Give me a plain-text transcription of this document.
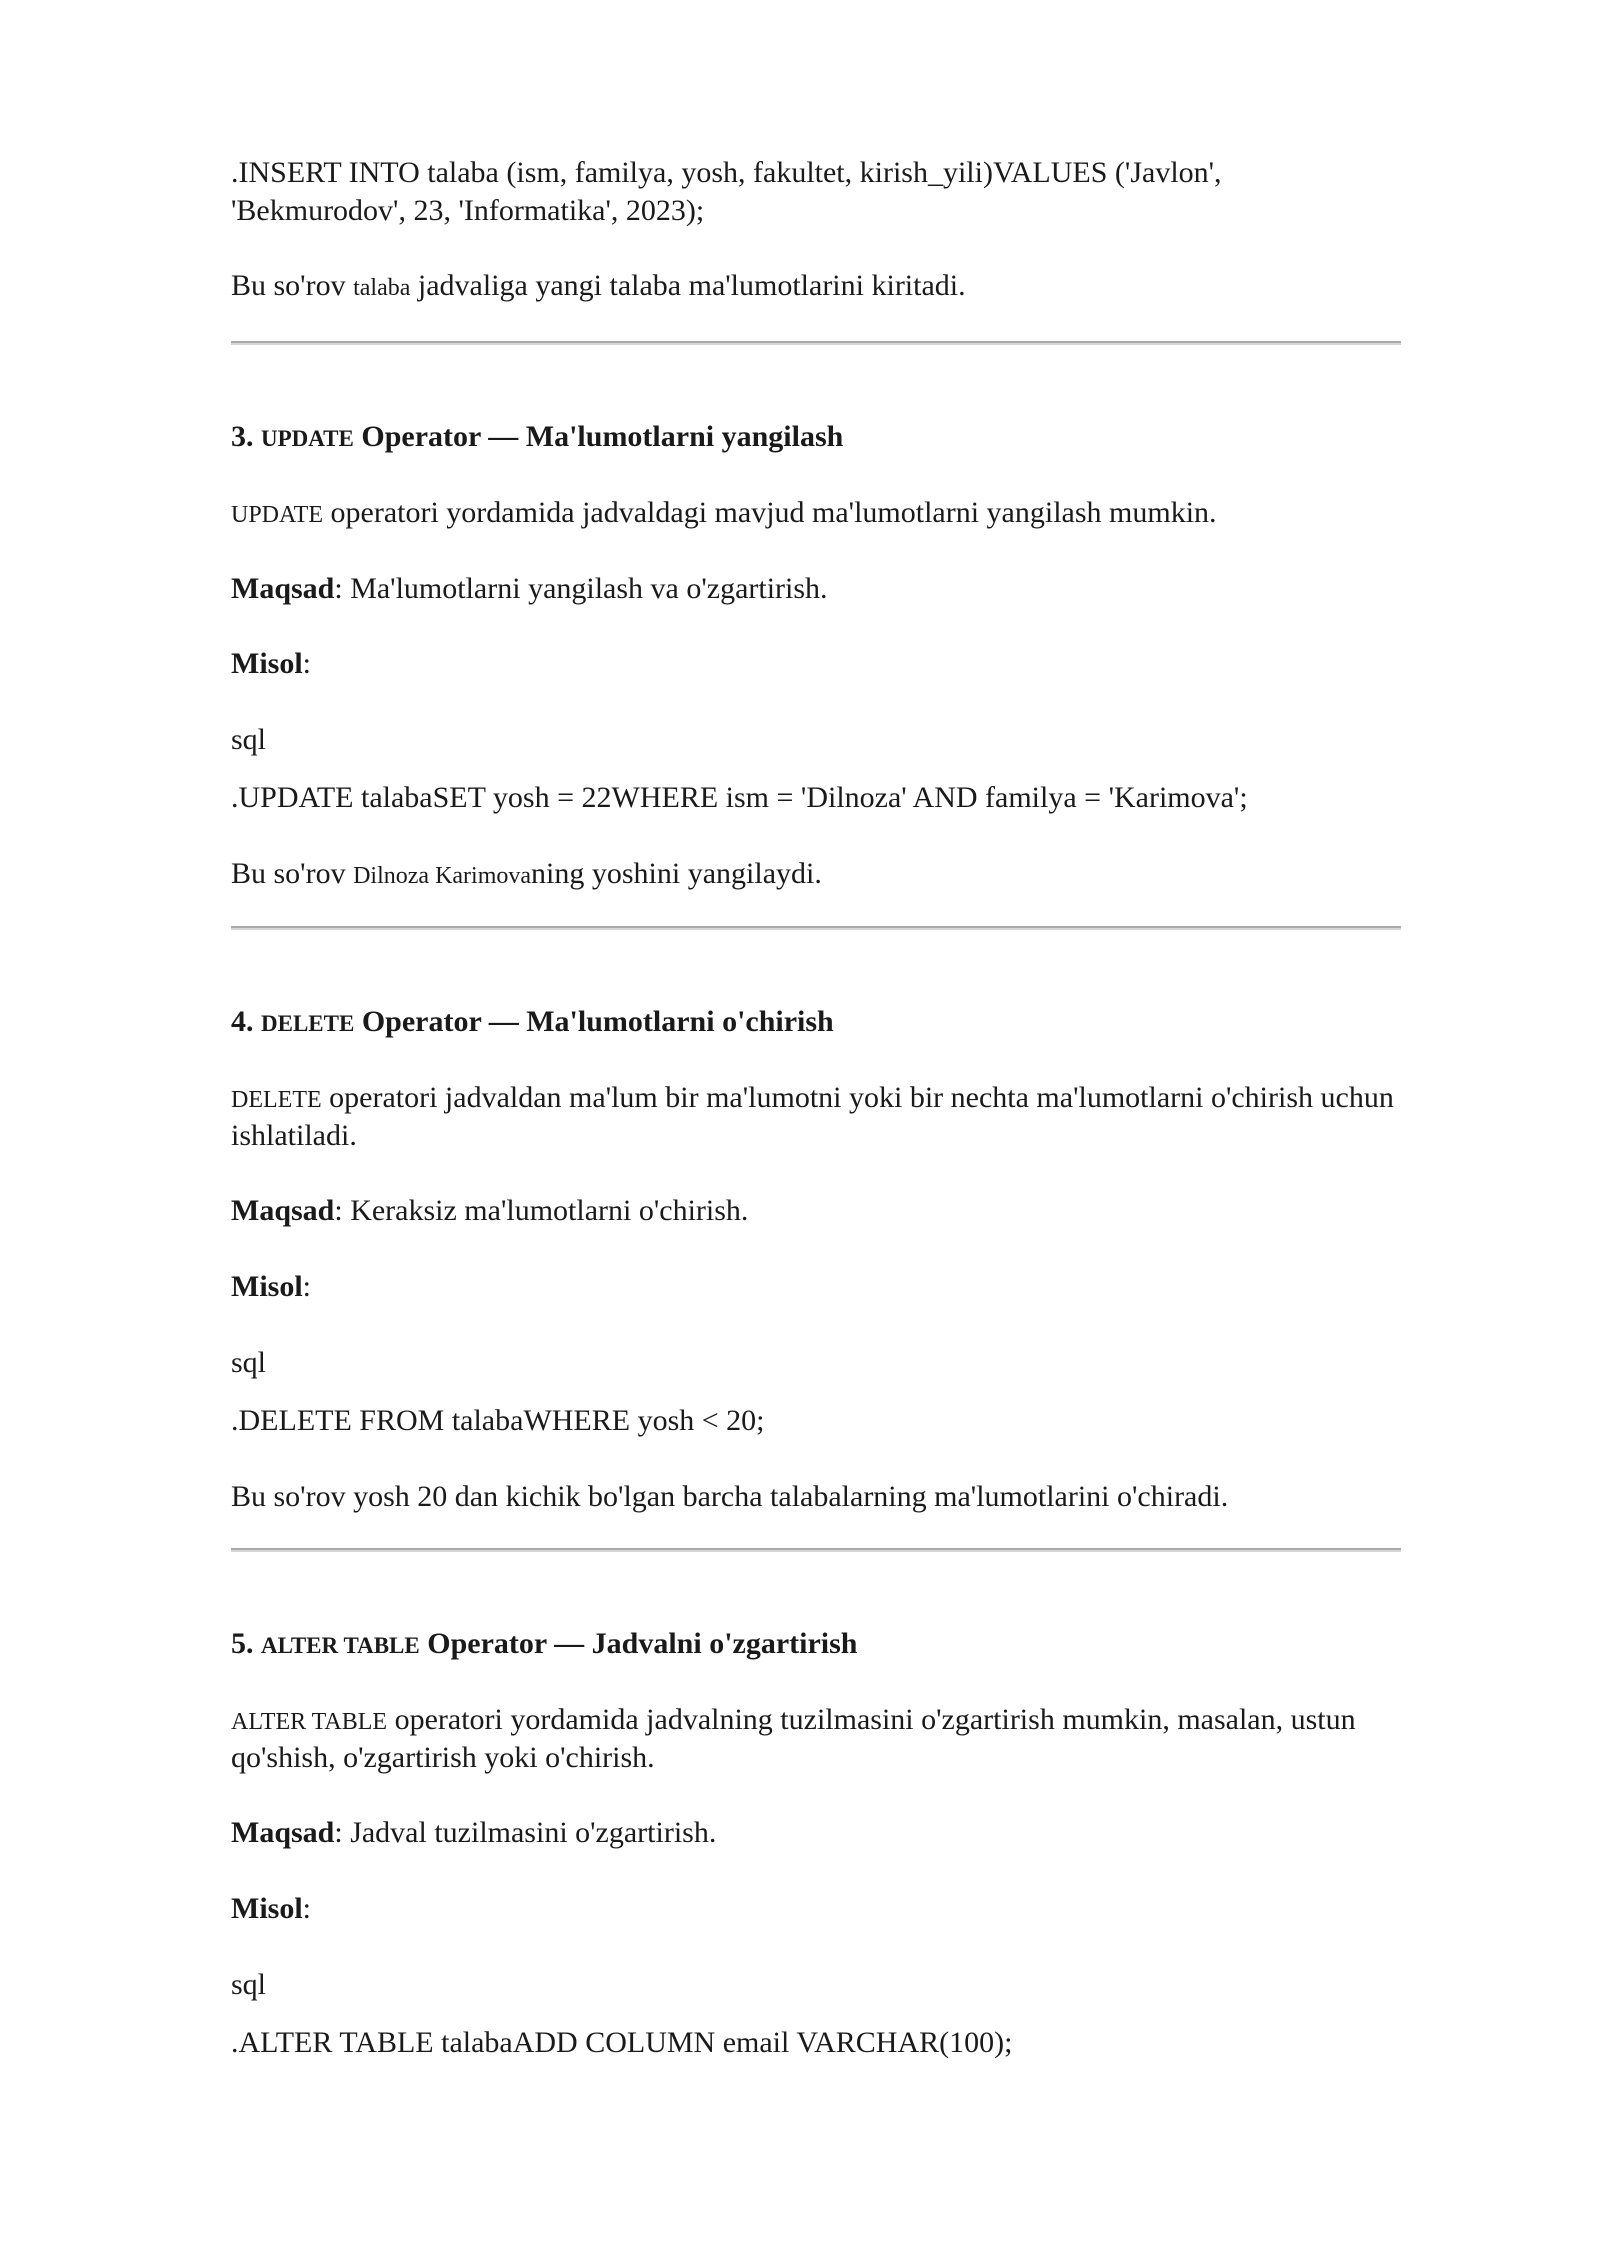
.INSERT INTO talaba (ism, familya, yosh, fakultet, kirish_yili)VALUES ('Javlon',
'Bekmurodov', 23, 'Informatika', 2023);
Bu so'rov talaba jadvaliga yangi talaba ma'lumotlarini kiritadi.
3. UPDATE Operator — Ma'lumotlarni yangilash
UPDATE operatori yordamida jadvaldagi mavjud ma'lumotlarni yangilash mumkin.
Maqsad: Ma'lumotlarni yangilash va o'zgartirish.
Misol:
sql
.UPDATE talabaSET yosh = 22WHERE ism = 'Dilnoza' AND familya = 'Karimova';
Bu so'rov Dilnoza Karimovaning yoshini yangilaydi.
4. DELETE Operator — Ma'lumotlarni o'chirish
DELETE operatori jadvaldan ma'lum bir ma'lumotni yoki bir nechta ma'lumotlarni o'chirish uchun
ishlatiladi.
Maqsad: Keraksiz ma'lumotlarni o'chirish.
Misol:
sql
.DELETE FROM talabaWHERE yosh < 20;
Bu so'rov yosh 20 dan kichik bo'lgan barcha talabalarning ma'lumotlarini o'chiradi.
5. ALTER TABLE Operator — Jadvalni o'zgartirish
ALTER TABLE operatori yordamida jadvalning tuzilmasini o'zgartirish mumkin, masalan, ustun
qo'shish, o'zgartirish yoki o'chirish.
Maqsad: Jadval tuzilmasini o'zgartirish.
Misol:
sql
.ALTER TABLE talabaADD COLUMN email VARCHAR(100);
